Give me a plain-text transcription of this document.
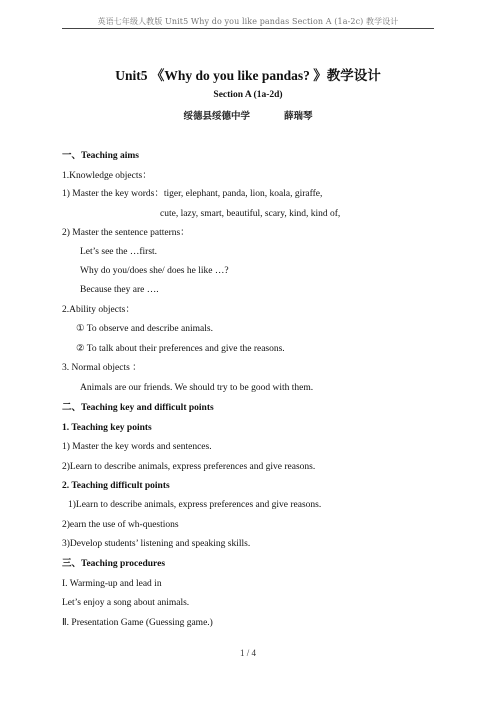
英语七年级人教版 Unit5 Why do you like pandas Section A (1a-2c) 教学设计
Unit5 《Why do you like pandas? 》教学设计
Section A (1a-2d)
绥德县绥德中学	薛瑞琴
一、Teaching aims
1.Knowledge objects：
1) Master the key words：tiger, elephant, panda, lion, koala, giraffe,
cute, lazy, smart, beautiful, scary, kind, kind of,
2) Master the sentence patterns：
Let’s see the …first.
Why do you/does she/ does he like …?
Because they are ….
2.Ability objects：
① To observe and describe animals.
② To talk about their preferences and give the reasons.
3. Normal objects ：
Animals are our friends. We should try to be good with them.
二、Teaching key and difficult points
1. Teaching key points
1) Master the key words and sentences.
2)Learn to describe animals, express preferences and give reasons.
2. Teaching difficult points
1)Learn to describe animals, express preferences and give reasons.
2)earn the use of wh-questions
3)Develop students’ listening and speaking skills.
三、Teaching procedures
I. Warming-up and lead in
Let’s enjoy a song about animals.
Ⅱ. Presentation Game (Guessing game.)
1 / 4
